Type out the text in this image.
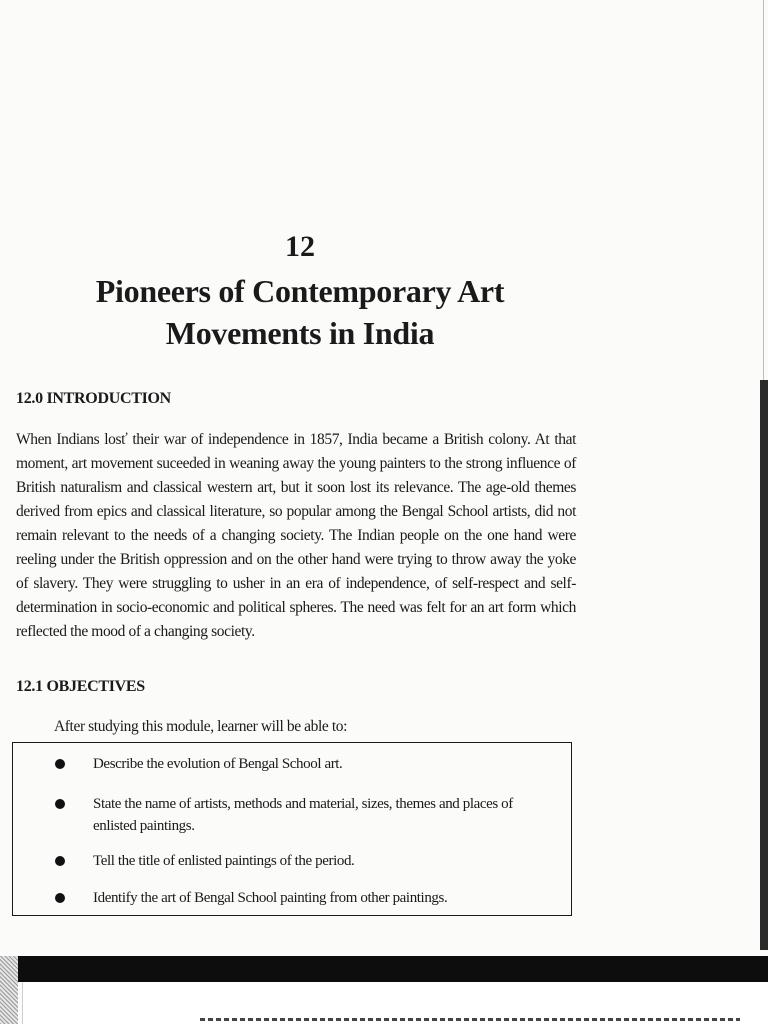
12
Pioneers of Contemporary Art
Movements in India
12.0 INTRODUCTION

When Indians losť their war of independence in 1857, India became a British colony. At that moment, art movement suceeded in weaning away the young painters to the strong influence of British naturalism and classical western art, but it soon lost its relevance. The age-old themes derived from epics and classical literature, so popular among the Bengal School artists, did not remain relevant to the needs of a changing society. The Indian people on the one hand were reeling under the British oppression and on the other hand were trying to throw away the yoke of slavery. They were struggling to usher in an era of independence, of self-respect and self-determination in socio-economic and political spheres. The need was felt for an art form which reflected the mood of a changing society.

12.1 OBJECTIVES
After studying this module, learner will be able to:
Describe the evolution of Bengal School art.
State the name of artists, methods and material, sizes, themes and places of enlisted paintings.
Tell the title of enlisted paintings of the period.
Identify the art of Bengal School painting from other paintings.
